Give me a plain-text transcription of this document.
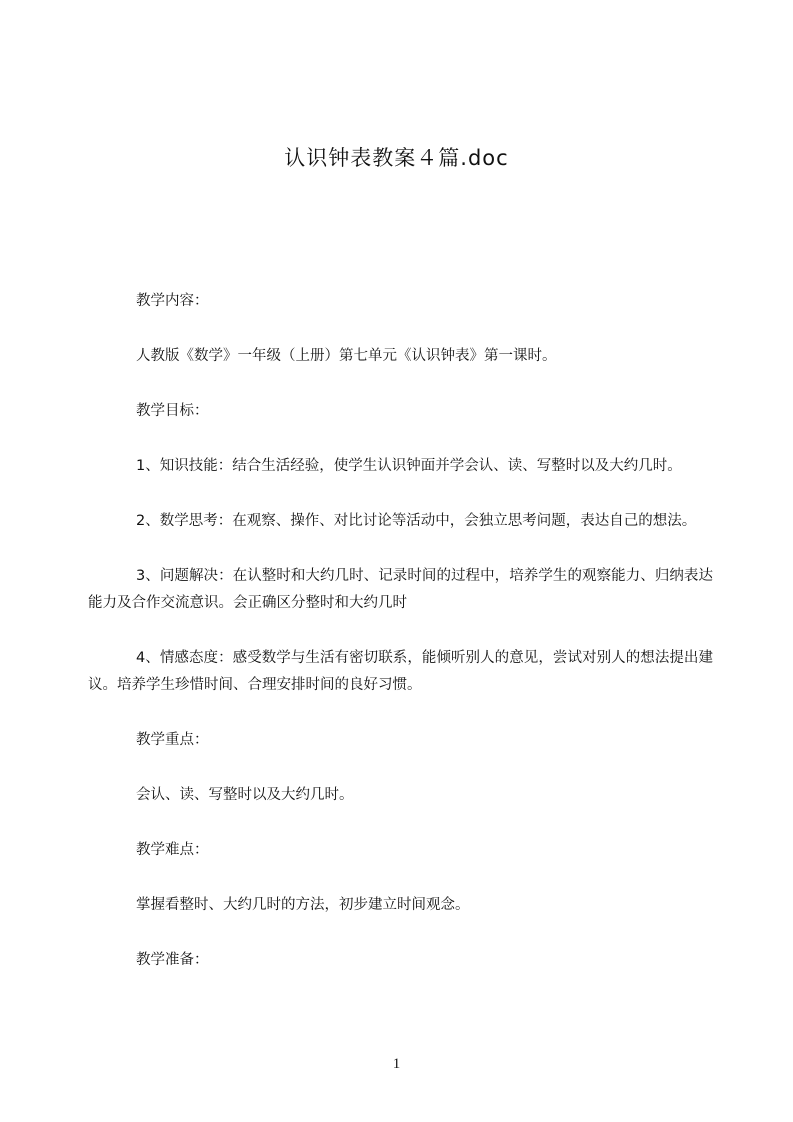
认识钟表教案４篇.doc

教学内容：

人教版《数学》一年级（上册）第七单元《认识钟表》第一课时。

教学目标：

1、知识技能：结合生活经验，使学生认识钟面并学会认、读、写整时以及大约几时。

2、数学思考：在观察、操作、对比讨论等活动中，会独立思考问题，表达自己的想法。

3、问题解决：在认整时和大约几时、记录时间的过程中，培养学生的观察能力、归纳表达能力及合作交流意识。会正确区分整时和大约几时

4、情感态度：感受数学与生活有密切联系，能倾听别人的意见，尝试对别人的想法提出建议。培养学生珍惜时间、合理安排时间的良好习惯。

教学重点：

会认、读、写整时以及大约几时。

教学难点：

掌握看整时、大约几时的方法，初步建立时间观念。

教学准备：

1
